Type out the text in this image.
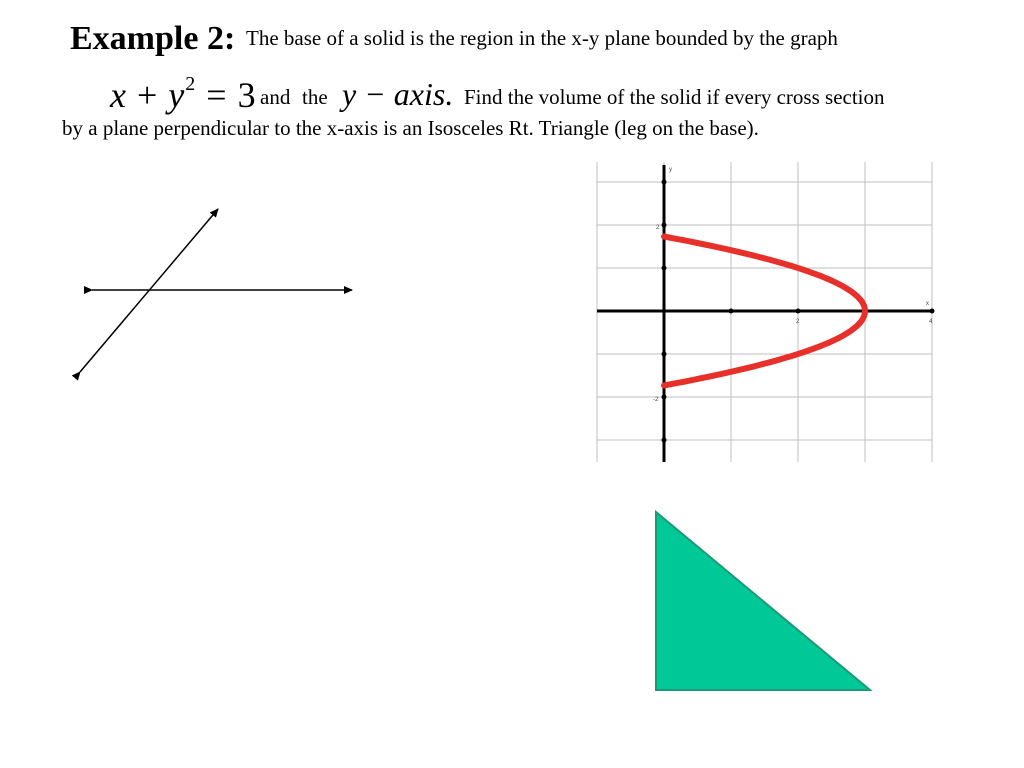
Example 2: The base of a solid is the region in the x-y plane bounded by the graph
$x + y^2 = 3$ and the y − axis. Find the volume of the solid if every cross section
by a plane perpendicular to the x-axis is an Isosceles Rt. Triangle (leg on the base).
x
y
2	4
2
-2
